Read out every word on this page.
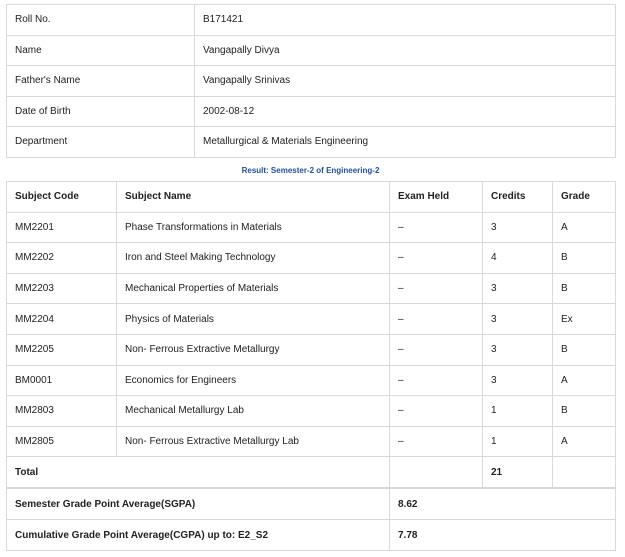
Roll No.	B171421
Name	Vangapally Divya
Father's Name	Vangapally Srinivas
Date of Birth	2002-08-12
Department	Metallurgical & Materials Engineering
Result: Semester-2 of Engineering-2
Subject Code	Subject Name	Exam Held	Credits	Grade
MM2201	Phase Transformations in Materials	–	3	A
MM2202	Iron and Steel Making Technology	–	4	B
MM2203	Mechanical Properties of Materials	–	3	B
MM2204	Physics of Materials	–	3	Ex
MM2205	Non- Ferrous Extractive Metallurgy	–	3	B
BM0001	Economics for Engineers	–	3	A
MM2803	Mechanical Metallurgy Lab	–	1	B
MM2805	Non- Ferrous Extractive Metallurgy Lab	–	1	A
Total			21	
Semester Grade Point Average(SGPA)	8.62
Cumulative Grade Point Average(CGPA) up to: E2_S2	7.78
